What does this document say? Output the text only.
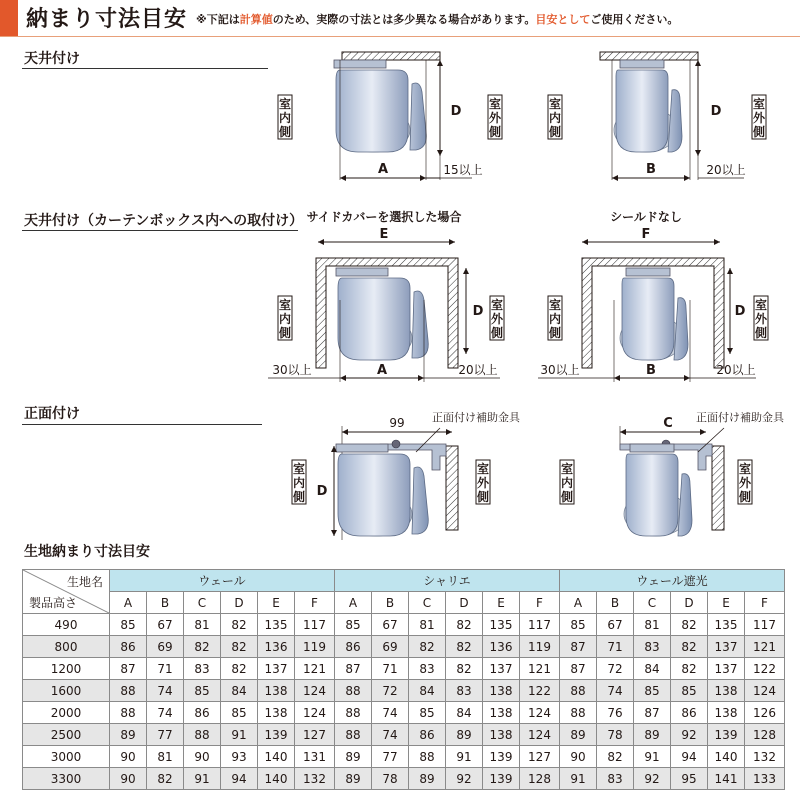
納まり寸法目安 ※下記は計算値のため、実際の寸法とは多少異なる場合があります。目安としてご使用ください。
天井付け
天井付け（カーテンボックス内への取付け）
正面付け
生地納まり寸法目安
A
D
15以上
室
内
側
室
外
側
B
D
20以上
室
内
側
室
外
側
サイドカバーを選択した場合	シールドなし
E	F
A
D
30以上	20以上
室
内
側
室
外
側
B
D
30以上	20以上
室
内
側
室
外
側
99
D
正面付け補助金具
室
内
側
室
外
側
C 正面付け補助金具
室
内
側
室
外
側
生地名
製品高さ	ウェール						シャリエ						ウェール遮光					
	A	B	C	D	E	F	A	B	C	D	E	F	A	B	C	D	E	F
490	85	67	81	82	135	117	85	67	81	82	135	117	85	67	81	82	135	117
800	86	69	82	82	136	119	86	69	82	82	136	119	87	71	83	82	137	121
1200	87	71	83	82	137	121	87	71	83	82	137	121	87	72	84	82	137	122
1600	88	74	85	84	138	124	88	72	84	83	138	122	88	74	85	85	138	124
2000	88	74	86	85	138	124	88	74	85	84	138	124	88	76	87	86	138	126
2500	89	77	88	91	139	127	88	74	86	89	138	124	89	78	89	92	139	128
3000	90	81	90	93	140	131	89	77	88	91	139	127	90	82	91	94	140	132
3300	90	82	91	94	140	132	89	78	89	92	139	128	91	83	92	95	141	133
